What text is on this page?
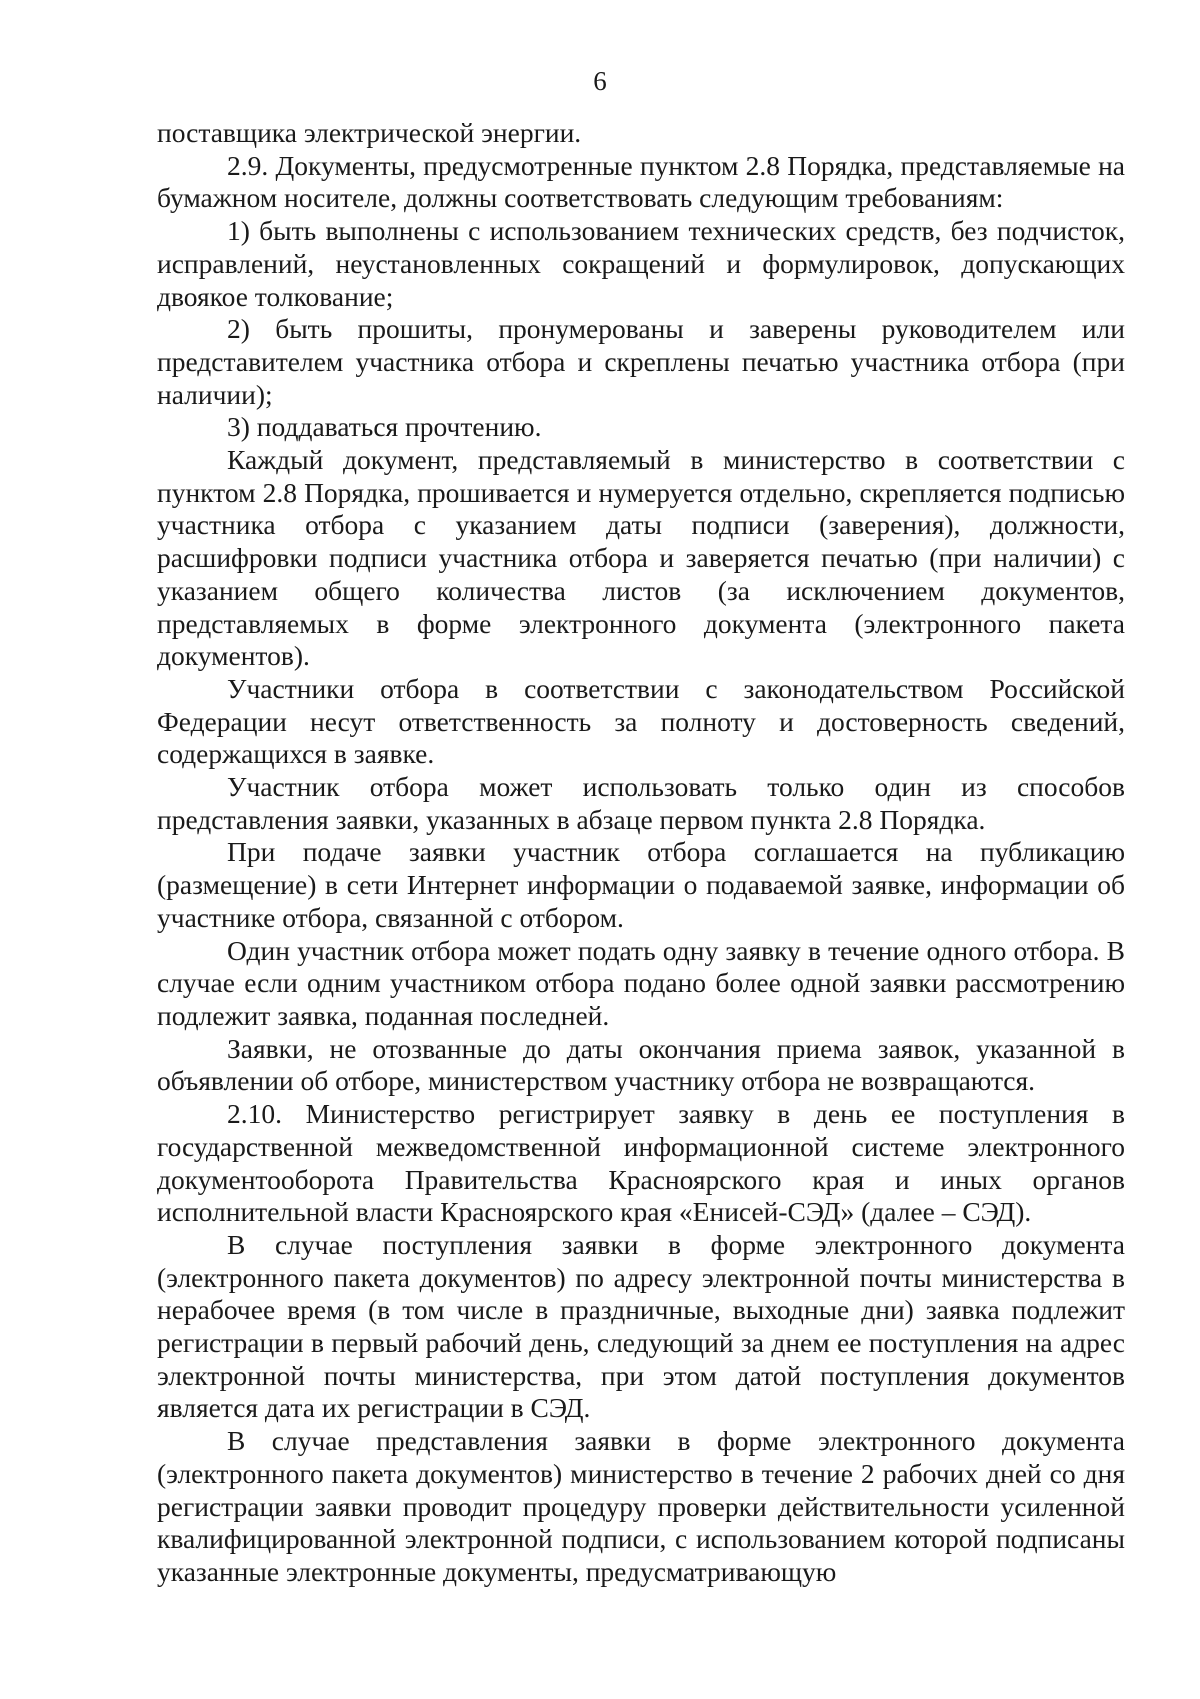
6

поставщика электрической энергии.

2.9. Документы, предусмотренные пунктом 2.8 Порядка, представляемые на бумажном носителе, должны соответствовать следующим требованиям:

1) быть выполнены с использованием технических средств, без подчисток, исправлений, неустановленных сокращений и формулировок, допускающих двоякое толкование;

2) быть прошиты, пронумерованы и заверены руководителем или представителем участника отбора и скреплены печатью участника отбора (при наличии);

3) поддаваться прочтению.

Каждый документ, представляемый в министерство в соответствии с пунктом 2.8 Порядка, прошивается и нумеруется отдельно, скрепляется подписью участника отбора с указанием даты подписи (заверения), должности, расшифровки подписи участника отбора и заверяется печатью (при наличии) с указанием общего количества листов (за исключением документов, представляемых в форме электронного документа (электронного пакета документов).

Участники отбора в соответствии с законодательством Российской Федерации несут ответственность за полноту и достоверность сведений, содержащихся в заявке.

Участник отбора может использовать только один из способов представления заявки, указанных в абзаце первом пункта 2.8 Порядка.

При подаче заявки участник отбора соглашается на публикацию (размещение) в сети Интернет информации о подаваемой заявке, информации об участнике отбора, связанной с отбором.

Один участник отбора может подать одну заявку в течение одного отбора. В случае если одним участником отбора подано более одной заявки рассмотрению подлежит заявка, поданная последней.

Заявки, не отозванные до даты окончания приема заявок, указанной в объявлении об отборе, министерством участнику отбора не возвращаются.

2.10. Министерство регистрирует заявку в день ее поступления в государственной межведомственной информационной системе электронного документооборота Правительства Красноярского края и иных органов исполнительной власти Красноярского края «Енисей-СЭД» (далее – СЭД).

В случае поступления заявки в форме электронного документа (электронного пакета документов) по адресу электронной почты министерства в нерабочее время (в том числе в праздничные, выходные дни) заявка подлежит регистрации в первый рабочий день, следующий за днем ее поступления на адрес электронной почты министерства, при этом датой поступления документов является дата их регистрации в СЭД.

В случае представления заявки в форме электронного документа (электронного пакета документов) министерство в течение 2 рабочих дней со дня регистрации заявки проводит процедуру проверки действительности усиленной квалифицированной электронной подписи, с использованием которой подписаны указанные электронные документы, предусматривающую
